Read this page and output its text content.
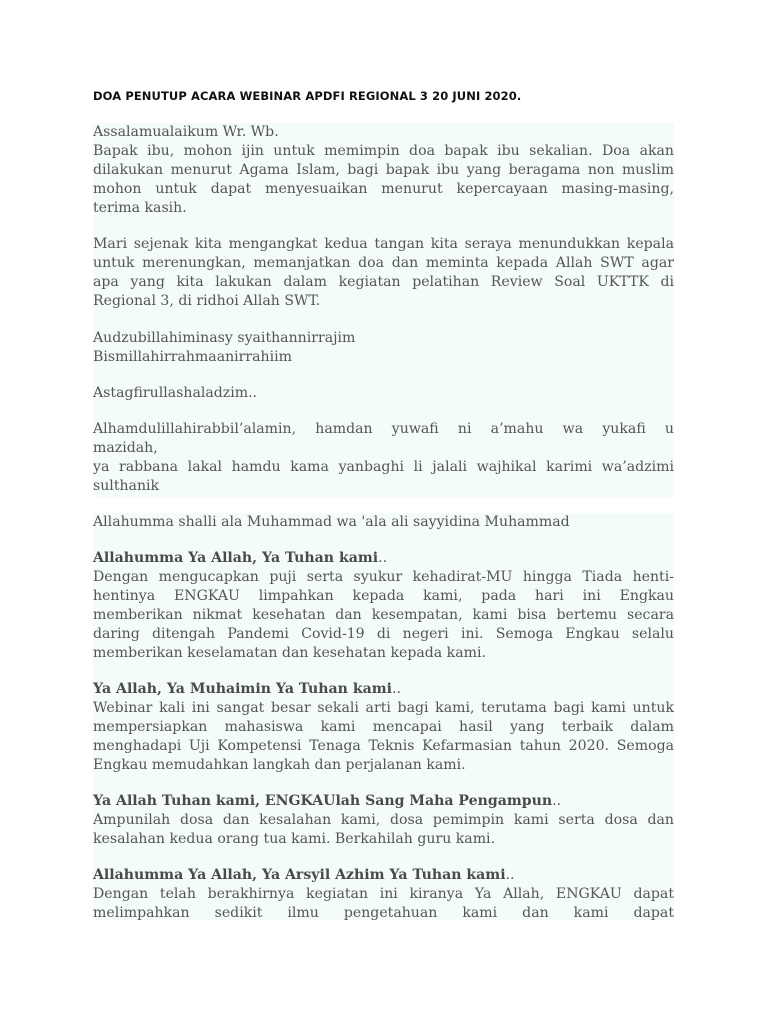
DOA PENUTUP ACARA WEBINAR APDFI REGIONAL 3 20 JUNI 2020.
Assalamualaikum Wr. Wb.
Bapak ibu, mohon ijin untuk memimpin doa bapak ibu sekalian. Doa akan
dilakukan menurut Agama Islam, bagi bapak ibu yang beragama non muslim
mohon untuk dapat menyesuaikan menurut kepercayaan masing-masing,
terima kasih.
Mari sejenak kita mengangkat kedua tangan kita seraya menundukkan kepala
untuk merenungkan, memanjatkan doa dan meminta kepada Allah SWT agar
apa yang kita lakukan dalam kegiatan pelatihan Review Soal UKTTK di
Regional 3, di ridhoi Allah SWT.
Audzubillahiminasy syaithannirrajim
Bismillahirrahmaanirrahiim
Astagfirullashaladzim..
Alhamdulillahirabbil’alamin, hamdan yuwafi ni a’mahu wa yukafi u
mazidah,
ya rabbana lakal hamdu kama yanbaghi li jalali wajhikal karimi wa’adzimi
sulthanik
Allahumma shalli ala Muhammad wa 'ala ali sayyidina Muhammad
Allahumma Ya Allah, Ya Tuhan kami..
Dengan mengucapkan puji serta syukur kehadirat-MU hingga Tiada henti-
hentinya ENGKAU limpahkan kepada kami, pada hari ini Engkau
memberikan nikmat kesehatan dan kesempatan, kami bisa bertemu secara
daring ditengah Pandemi Covid-19 di negeri ini. Semoga Engkau selalu
memberikan keselamatan dan kesehatan kepada kami.
Ya Allah, Ya Muhaimin Ya Tuhan kami..
Webinar kali ini sangat besar sekali arti bagi kami, terutama bagi kami untuk
mempersiapkan mahasiswa kami mencapai hasil yang terbaik dalam
menghadapi Uji Kompetensi Tenaga Teknis Kefarmasian tahun 2020. Semoga
Engkau memudahkan langkah dan perjalanan kami.
Ya Allah Tuhan kami, ENGKAUlah Sang Maha Pengampun..
Ampunilah dosa dan kesalahan kami, dosa pemimpin kami serta dosa dan
kesalahan kedua orang tua kami. Berkahilah guru kami.
Allahumma Ya Allah, Ya Arsyil Azhim Ya Tuhan kami..
Dengan telah berakhirnya kegiatan ini kiranya Ya Allah, ENGKAU dapat
melimpahkan sedikit ilmu pengetahuan kami dan kami dapat
